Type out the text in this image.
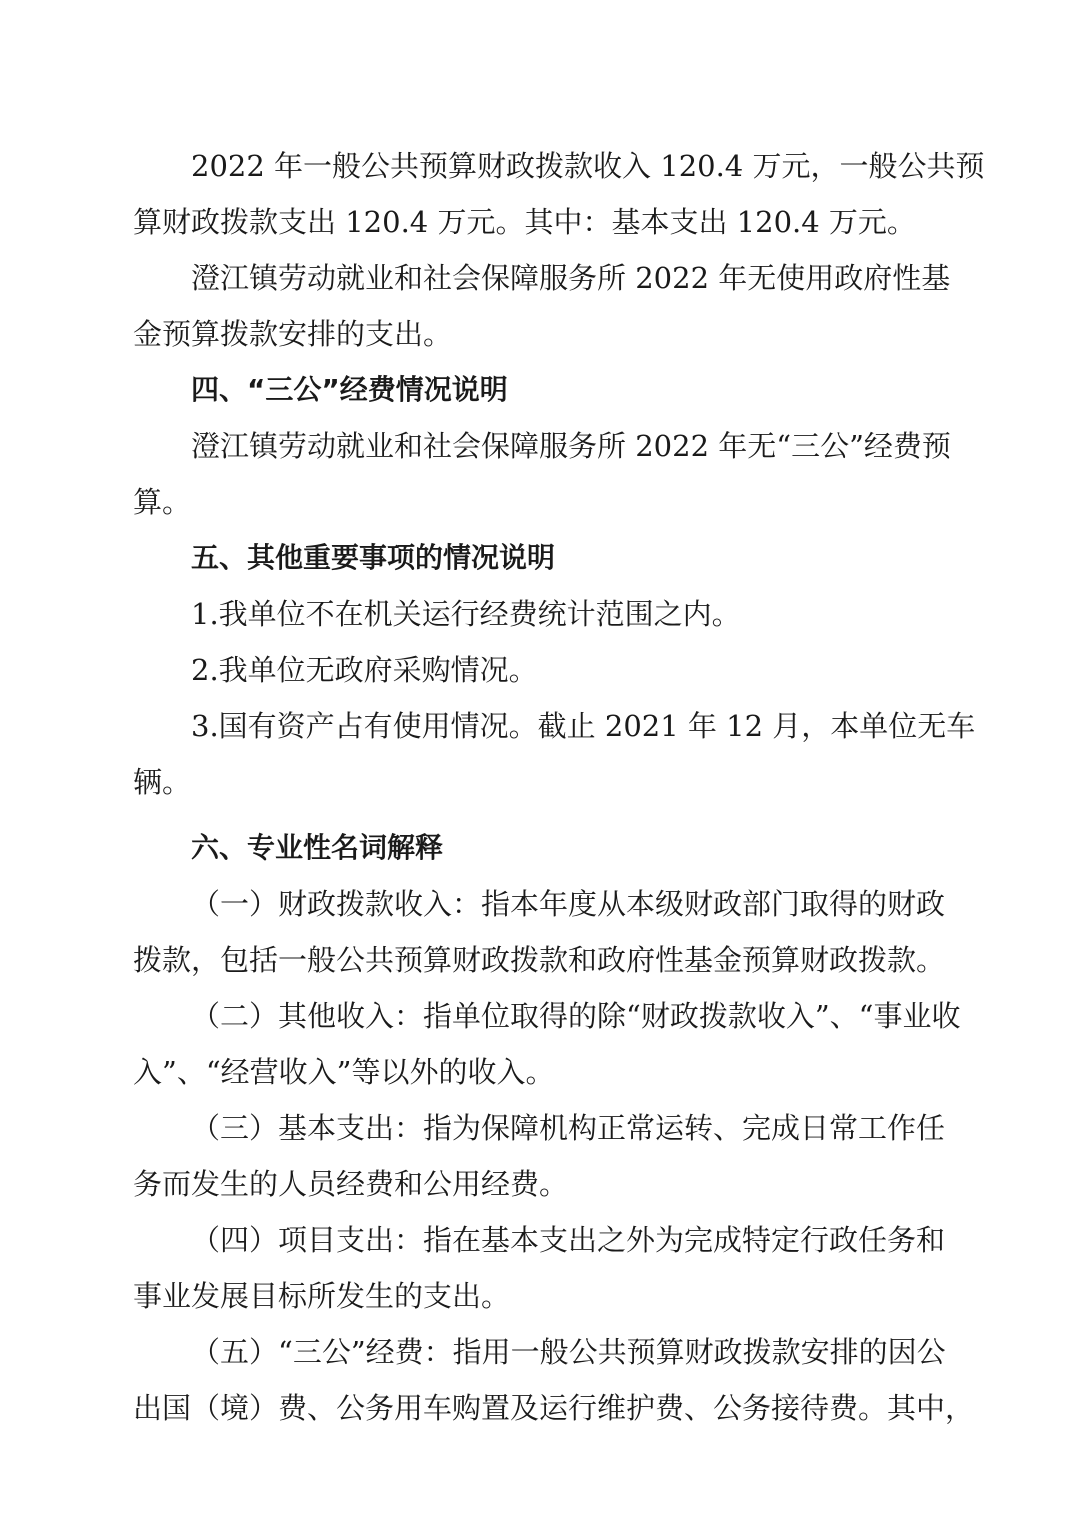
2022 年一般公共预算财政拨款收入 120.4 万元，一般公共预
算财政拨款支出 120.4 万元。其中：基本支出 120.4 万元。
澄江镇劳动就业和社会保障服务所 2022 年无使用政府性基
金预算拨款安排的支出。
四、“三公”经费情况说明
澄江镇劳动就业和社会保障服务所 2022 年无“三公”经费预
算。
五、其他重要事项的情况说明
1.我单位不在机关运行经费统计范围之内。
2.我单位无政府采购情况。
3.国有资产占有使用情况。截止 2021 年 12 月，本单位无车
辆。
六、专业性名词解释
（一）财政拨款收入：指本年度从本级财政部门取得的财政
拨款，包括一般公共预算财政拨款和政府性基金预算财政拨款。
（二）其他收入：指单位取得的除“财政拨款收入”、“事业收
入”、“经营收入”等以外的收入。
（三）基本支出：指为保障机构正常运转、完成日常工作任
务而发生的人员经费和公用经费。
（四）项目支出：指在基本支出之外为完成特定行政任务和
事业发展目标所发生的支出。
（五）“三公”经费：指用一般公共预算财政拨款安排的因公
出国（境）费、公务用车购置及运行维护费、公务接待费。其中，
